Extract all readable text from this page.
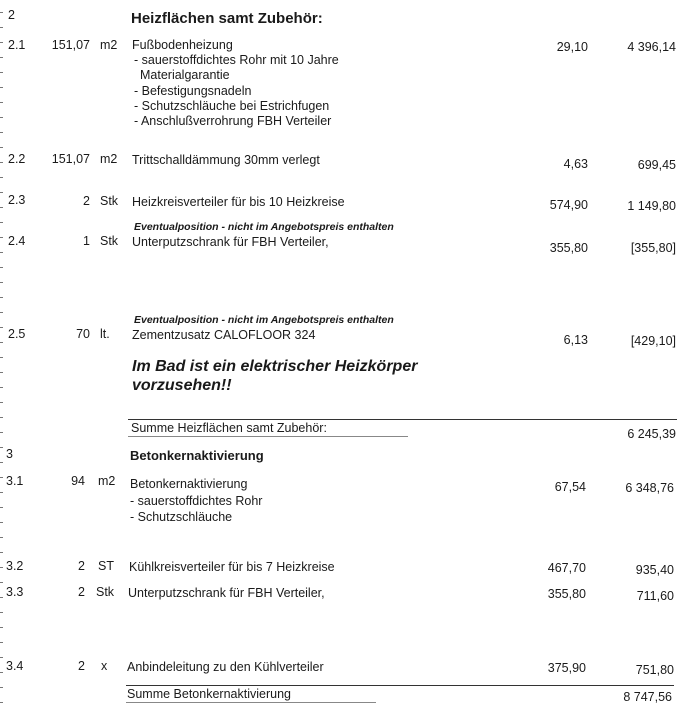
2	Heizflächen samt Zubehör:
2.1	151,07 m2 Fußbodenheizung
- sauerstoffdichtes Rohr mit 10 Jahre
Materialgarantie
- Befestigungsnadeln
- Schutzschläuche bei Estrichfugen
- Anschlußverrohrung FBH Verteiler
29,10	4 396,14
2.2	151,07 m2 Trittschalldämmung 30mm verlegt	4,63	699,45
2.3	2 Stk Heizkreisverteiler für bis 10 Heizkreise	574,90	1 149,80
Eventualposition - nicht im Angebotspreis enthalten
2.4	1 Stk Unterputzschrank für FBH Verteiler,	355,80	[355,80]
Eventualposition - nicht im Angebotspreis enthalten
2.5	70 lt. Zementzusatz CALOFLOOR 324	6,13	[429,10]
Im Bad ist ein elektrischer Heizkörper vorzusehen!!
Summe Heizflächen samt Zubehör:	6 245,39
3	Betonkernaktivierung
3.1	94 m2 Betonkernaktivierung
- sauerstoffdichtes Rohr
- Schutzschläuche
67,54	6 348,76
3.2	2 ST Kühlkreisverteiler für bis 7 Heizkreise	467,70	935,40
3.3	2 Stk Unterputzschrank für FBH Verteiler,	355,80	711,60
3.4	2 x Anbindeleitung zu den Kühlverteiler	375,90	751,80
Summe Betonkernaktivierung	8 747,56
